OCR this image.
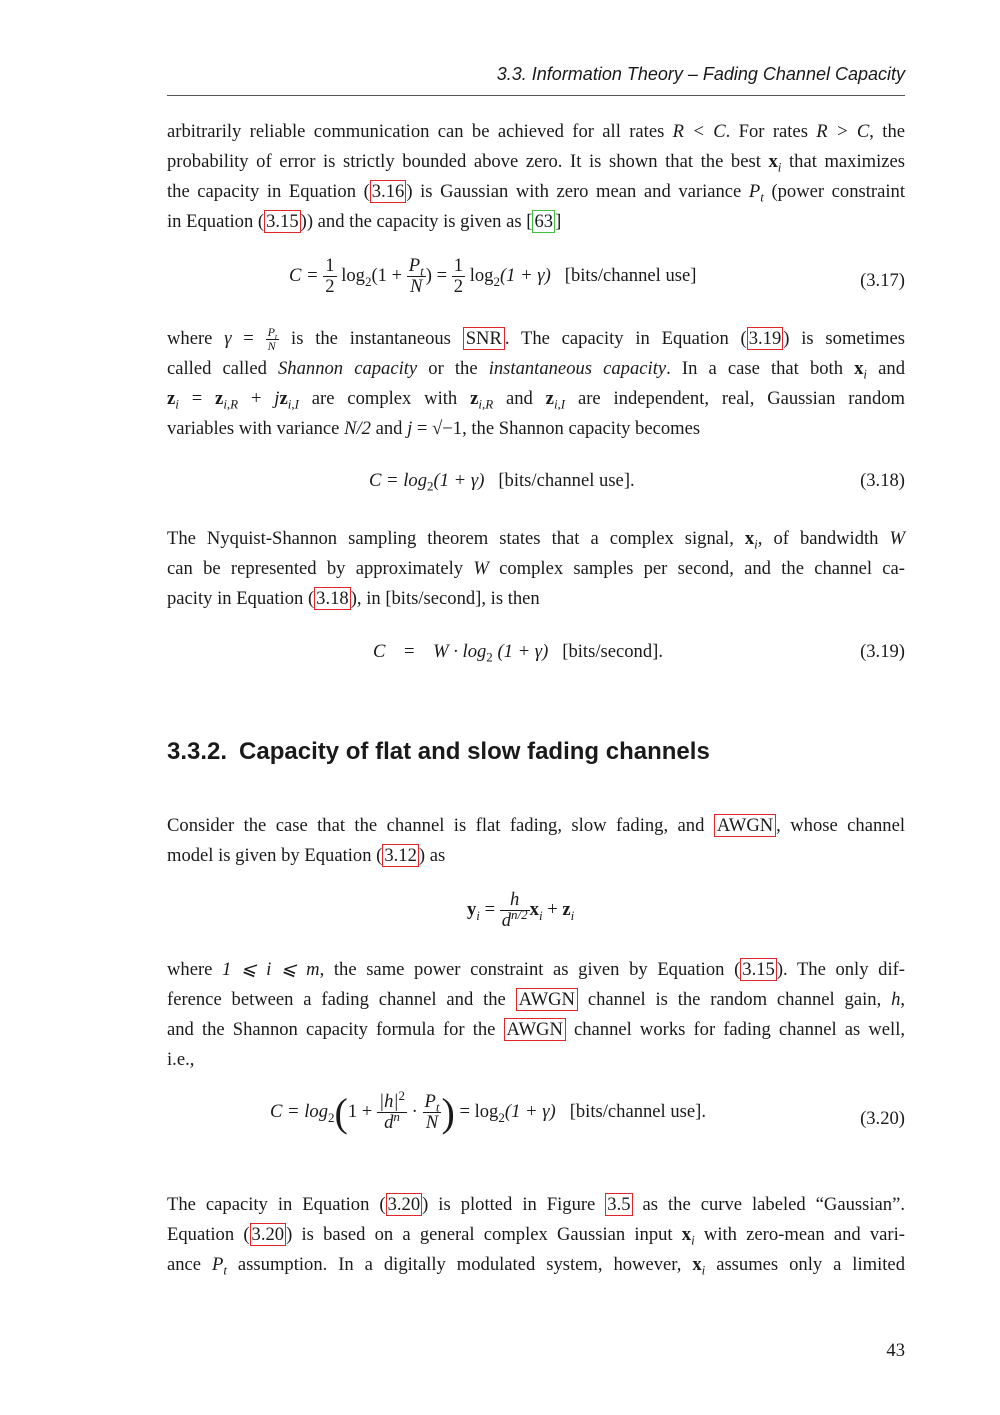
3.3. Information Theory – Fading Channel Capacity
arbitrarily reliable communication can be achieved for all rates R < C. For rates R > C, the
probability of error is strictly bounded above zero. It is shown that the best $x_i$ that maximizes
the capacity in Equation ( 3.16 ) is Gaussian with zero mean and variance $P_t$ (power constraint
in Equation ( 3.15 )) and the capacity is given as [ 63 ]
$C = \frac{1}{2} \log_2(1 + \frac{P_t}{N}$ ) = $\frac{1}{2} \log_2(1 + \gamma)$ [bits/channel use]	(3.17)
where $\gamma = \frac{P_t}{N}$ is the instantaneous SNR . The capacity in Equation ( 3.19 ) is sometimes
called called Shannon capacity or the instantaneous capacity. In a case that both $x_i$ and
$z_i = z_{i,R} + jz_{i,I}$ are complex with $z_{i,R}$ and $z_{i,I}$ are independent, real, Gaussian random
variables with variance N/2 and j = √−1, the Shannon capacity becomes
$C = \log_2(1 + \gamma)$ [bits/channel use].	(3.18)
The Nyquist-Shannon sampling theorem states that a complex signal, $x_i$, of bandwidth W
can be represented by approximately W complex samples per second, and the channel ca-
pacity in Equation ( 3.18 ), in [bits/second], is then
$C = W \cdot \log_2 (1 + \gamma)$ [bits/second].	(3.19)
3.3.2. Capacity of flat and slow fading channels
Consider the case that the channel is flat fading, slow fading, and AWGN , whose channel
model is given by Equation ( 3.12 ) as
$y_i = \frac{h}{d^{n/2}} x_i + z_i$
where 1 ⩽ i ⩽ m, the same power constraint as given by Equation ( 3.15 ). The only dif-
ference between a fading channel and the AWGN channel is the random channel gain, h,
and the Shannon capacity formula for the AWGN channel works for fading channel as well,
i.e.,
$C = \log_2(1 + \frac{|h|^2}{d^n} \cdot \frac{P_t}{N}$ ) = $\log_2(1 + \gamma)$ [bits/channel use].	(3.20)
The capacity in Equation ( 3.20 ) is plotted in Figure 3.5 as the curve labeled “Gaussian”.
Equation ( 3.20 ) is based on a general complex Gaussian input $x_i$ with zero-mean and vari-
ance $P_t$ assumption. In a digitally modulated system, however, $x_i$ assumes only a limited
43
